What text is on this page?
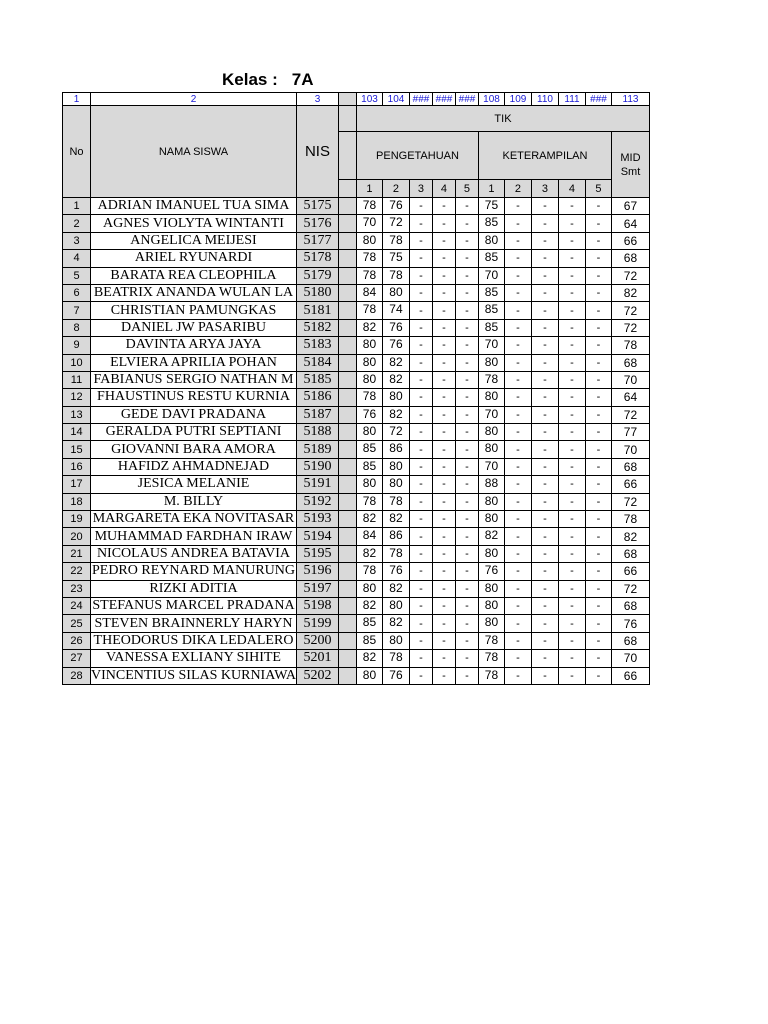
Kelas : 7A
1	2	3		103	104	###	###	###	108	109	110	111	###	113
No	NAMA SISWA	NIS		TIK										
				PENGETAHUAN					KETERAMPILAN					MID
Smt
				1	2	3	4	5	1	2	3	4	5	
1	ADRIAN IMANUEL TUA SIMA	5175		78	76	-	-	-	75	-	-	-	-	67
2	AGNES VIOLYTA WINTANTI	5176		70	72	-	-	-	85	-	-	-	-	64
3	ANGELICA MEIJESI	5177		80	78	-	-	-	80	-	-	-	-	66
4	ARIEL RYUNARDI	5178		78	75	-	-	-	85	-	-	-	-	68
5	BARATA REA CLEOPHILA	5179		78	78	-	-	-	70	-	-	-	-	72
6	BEATRIX ANANDA WULAN LA	5180		84	80	-	-	-	85	-	-	-	-	82
7	CHRISTIAN PAMUNGKAS	5181		78	74	-	-	-	85	-	-	-	-	72
8	DANIEL JW PASARIBU	5182		82	76	-	-	-	85	-	-	-	-	72
9	DAVINTA ARYA JAYA	5183		80	76	-	-	-	70	-	-	-	-	78
10	ELVIERA APRILIA POHAN	5184		80	82	-	-	-	80	-	-	-	-	68
11	FABIANUS SERGIO NATHAN M	5185		80	82	-	-	-	78	-	-	-	-	70
12	FHAUSTINUS RESTU KURNIA	5186		78	80	-	-	-	80	-	-	-	-	64
13	GEDE DAVI PRADANA	5187		76	82	-	-	-	70	-	-	-	-	72
14	GERALDA PUTRI SEPTIANI	5188		80	72	-	-	-	80	-	-	-	-	77
15	GIOVANNI BARA AMORA	5189		85	86	-	-	-	80	-	-	-	-	70
16	HAFIDZ AHMADNEJAD	5190		85	80	-	-	-	70	-	-	-	-	68
17	JESICA MELANIE	5191		80	80	-	-	-	88	-	-	-	-	66
18	M. BILLY	5192		78	78	-	-	-	80	-	-	-	-	72
19	MARGARETA EKA NOVITASAR	5193		82	82	-	-	-	80	-	-	-	-	78
20	MUHAMMAD FARDHAN IRAW	5194		84	86	-	-	-	82	-	-	-	-	82
21	NICOLAUS ANDREA BATAVIA	5195		82	78	-	-	-	80	-	-	-	-	68
22	PEDRO REYNARD MANURUNG	5196		78	76	-	-	-	76	-	-	-	-	66
23	RIZKI ADITIA	5197		80	82	-	-	-	80	-	-	-	-	72
24	STEFANUS MARCEL PRADANA	5198		82	80	-	-	-	80	-	-	-	-	68
25	STEVEN BRAINNERLY HARYN	5199		85	82	-	-	-	80	-	-	-	-	76
26	THEODORUS DIKA LEDALERO	5200		85	80	-	-	-	78	-	-	-	-	68
27	VANESSA EXLIANY SIHITE	5201		82	78	-	-	-	78	-	-	-	-	70
28	VINCENTIUS SILAS KURNIAWA	5202		80	76	-	-	-	78	-	-	-	-	66
